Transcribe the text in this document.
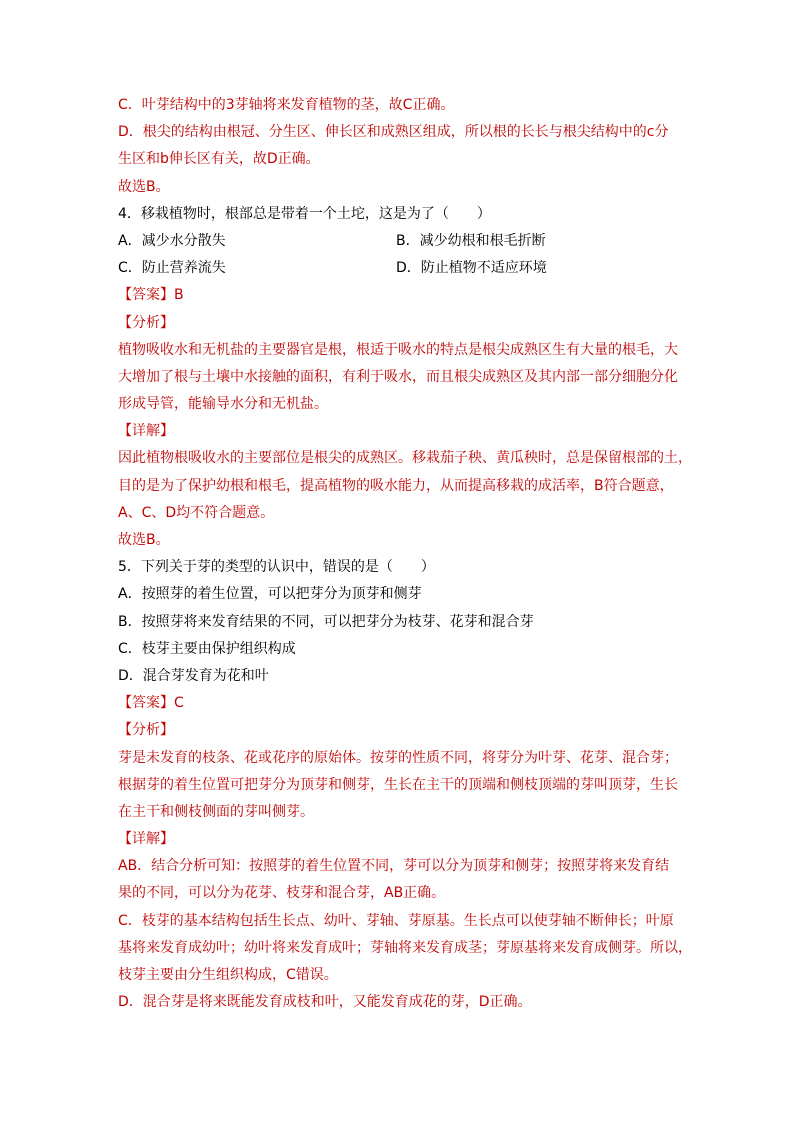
C．叶芽结构中的3芽轴将来发育植物的茎，故C正确。
D．根尖的结构由根冠、分生区、伸长区和成熟区组成，所以根的长长与根尖结构中的c分
生区和b伸长区有关，故D正确。
故选B。
4．移栽植物时，根部总是带着一个土坨，这是为了（　　）
A．减少水分散失	B．减少幼根和根毛折断
C．防止营养流失	D．防止植物不适应环境
【答案】B
【分析】
植物吸收水和无机盐的主要器官是根，根适于吸水的特点是根尖成熟区生有大量的根毛，大
大增加了根与土壤中水接触的面积，有利于吸水，而且根尖成熟区及其内部一部分细胞分化
形成导管，能输导水分和无机盐。
【详解】
因此植物根吸收水的主要部位是根尖的成熟区。移栽茄子秧、黄瓜秧时，总是保留根部的土，
目的是为了保护幼根和根毛，提高植物的吸水能力，从而提高移栽的成活率，B符合题意，
A、C、D均不符合题意。
故选B。
5．下列关于芽的类型的认识中，错误的是（　　）
A．按照芽的着生位置，可以把芽分为顶芽和侧芽
B．按照芽将来发育结果的不同，可以把芽分为枝芽、花芽和混合芽
C．枝芽主要由保护组织构成
D．混合芽发育为花和叶
【答案】C
【分析】
芽是未发育的枝条、花或花序的原始体。按芽的性质不同，将芽分为叶芽、花芽、混合芽；
根据芽的着生位置可把芽分为顶芽和侧芽，生长在主干的顶端和侧枝顶端的芽叫顶芽，生长
在主干和侧枝侧面的芽叫侧芽。
【详解】
AB．结合分析可知：按照芽的着生位置不同，芽可以分为顶芽和侧芽；按照芽将来发育结
果的不同，可以分为花芽、枝芽和混合芽，AB正确。
C．枝芽的基本结构包括生长点、幼叶、芽轴、芽原基。生长点可以使芽轴不断伸长；叶原
基将来发育成幼叶；幼叶将来发育成叶；芽轴将来发育成茎；芽原基将来发育成侧芽。所以，
枝芽主要由分生组织构成，C错误。
D．混合芽是将来既能发育成枝和叶，又能发育成花的芽，D正确。
